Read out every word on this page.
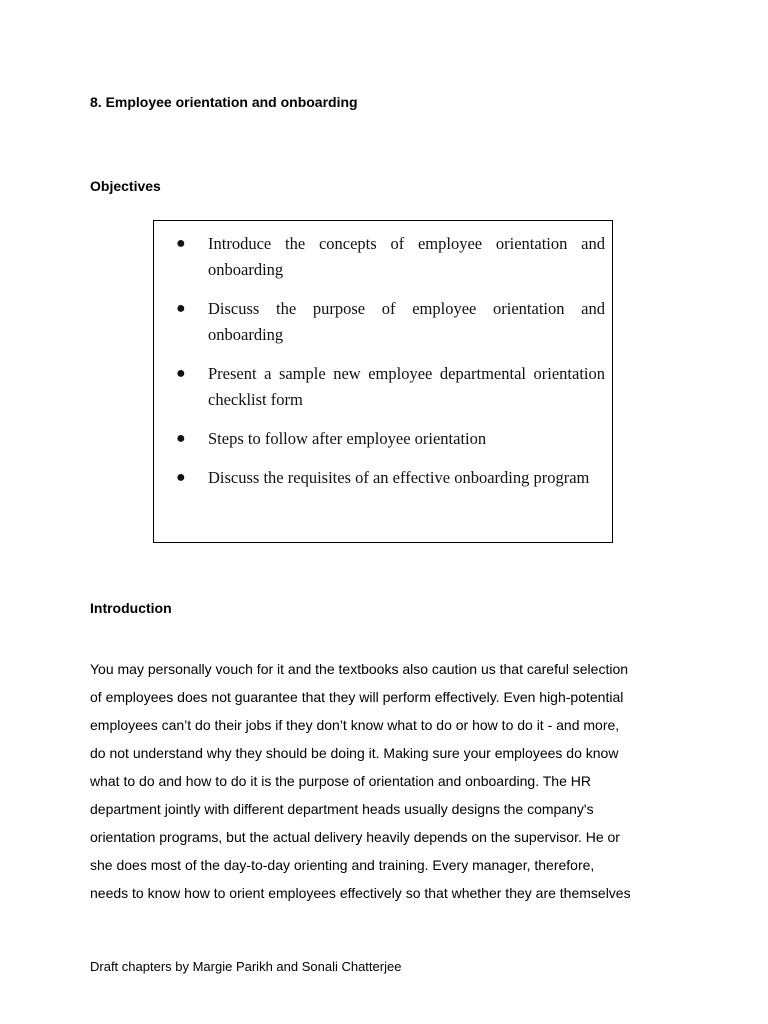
8. Employee orientation and onboarding
Objectives
● Introduce the concepts of employee orientation and onboarding
● Discuss the purpose of employee orientation and onboarding
● Present a sample new employee departmental orientation checklist form
● Steps to follow after employee orientation
● Discuss the requisites of an effective onboarding program
Introduction

You may personally vouch for it and the textbooks also caution us that careful selection
of employees does not guarantee that they will perform effectively. Even high-potential
employees can’t do their jobs if they don’t know what to do or how to do it - and more,
do not understand why they should be doing it. Making sure your employees do know
what to do and how to do it is the purpose of orientation and onboarding. The HR
department jointly with different department heads usually designs the company's
orientation programs, but the actual delivery heavily depends on the supervisor. He or
she does most of the day-to-day orienting and training. Every manager, therefore,
needs to know how to orient employees effectively so that whether they are themselves

Draft chapters by Margie Parikh and Sonali Chatterjee
